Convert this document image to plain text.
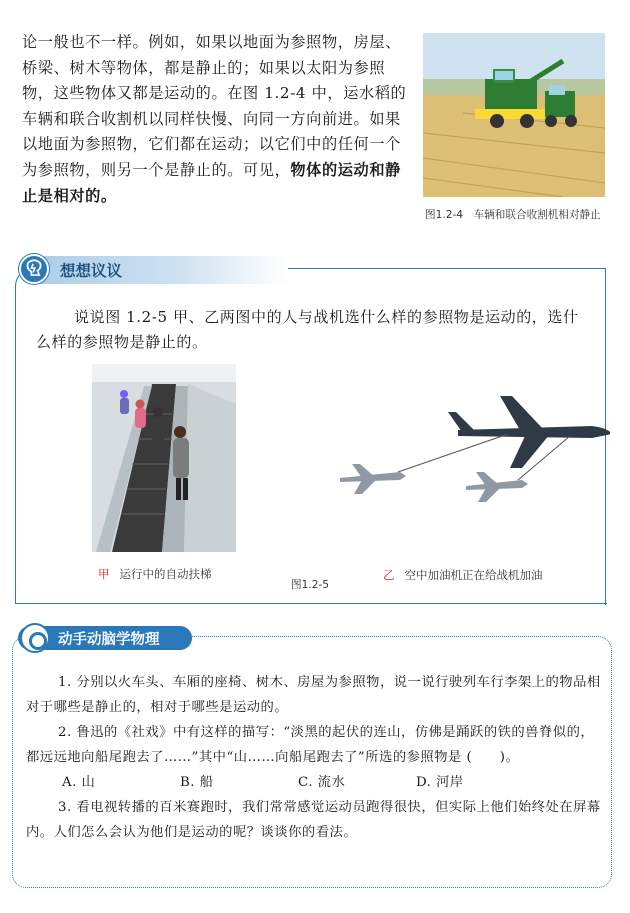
论一般也不一样。例如，如果以地面为参照物，房屋、桥梁、树木等物体，都是静止的；如果以太阳为参照物，这些物体又都是运动的。在图 1.2-4 中，运水稻的车辆和联合收割机以同样快慢、向同一方向前进。如果以地面为参照物，它们都在运动；以它们中的任何一个为参照物，则另一个是静止的。可见，物体的运动和静止是相对的。
图1.2-4　车辆和联合收割机相对静止
想想议议
说说图 1.2-5 甲、乙两图中的人与战机选什么样的参照物是运动的，选什么样的参照物是静止的。
甲 运行中的自动扶梯
图1.2-5
乙 空中加油机正在给战机加油
动手动脑学物理

1. 分别以火车头、车厢的座椅、树木、房屋为参照物，说一说行驶列车行李架上的物品相对于哪些是静止的，相对于哪些是运动的。

2. 鲁迅的《社戏》中有这样的描写：“淡黑的起伏的连山，仿佛是踊跃的铁的兽脊似的，都远远地向船尾跑去了……”其中“山……向船尾跑去了”所选的参照物是 (　　)。

A. 山	B. 船	C. 流水	D. 河岸

3. 看电视转播的百米赛跑时，我们常常感觉运动员跑得很快，但实际上他们始终处在屏幕内。人们怎么会认为他们是运动的呢？谈谈你的看法。
